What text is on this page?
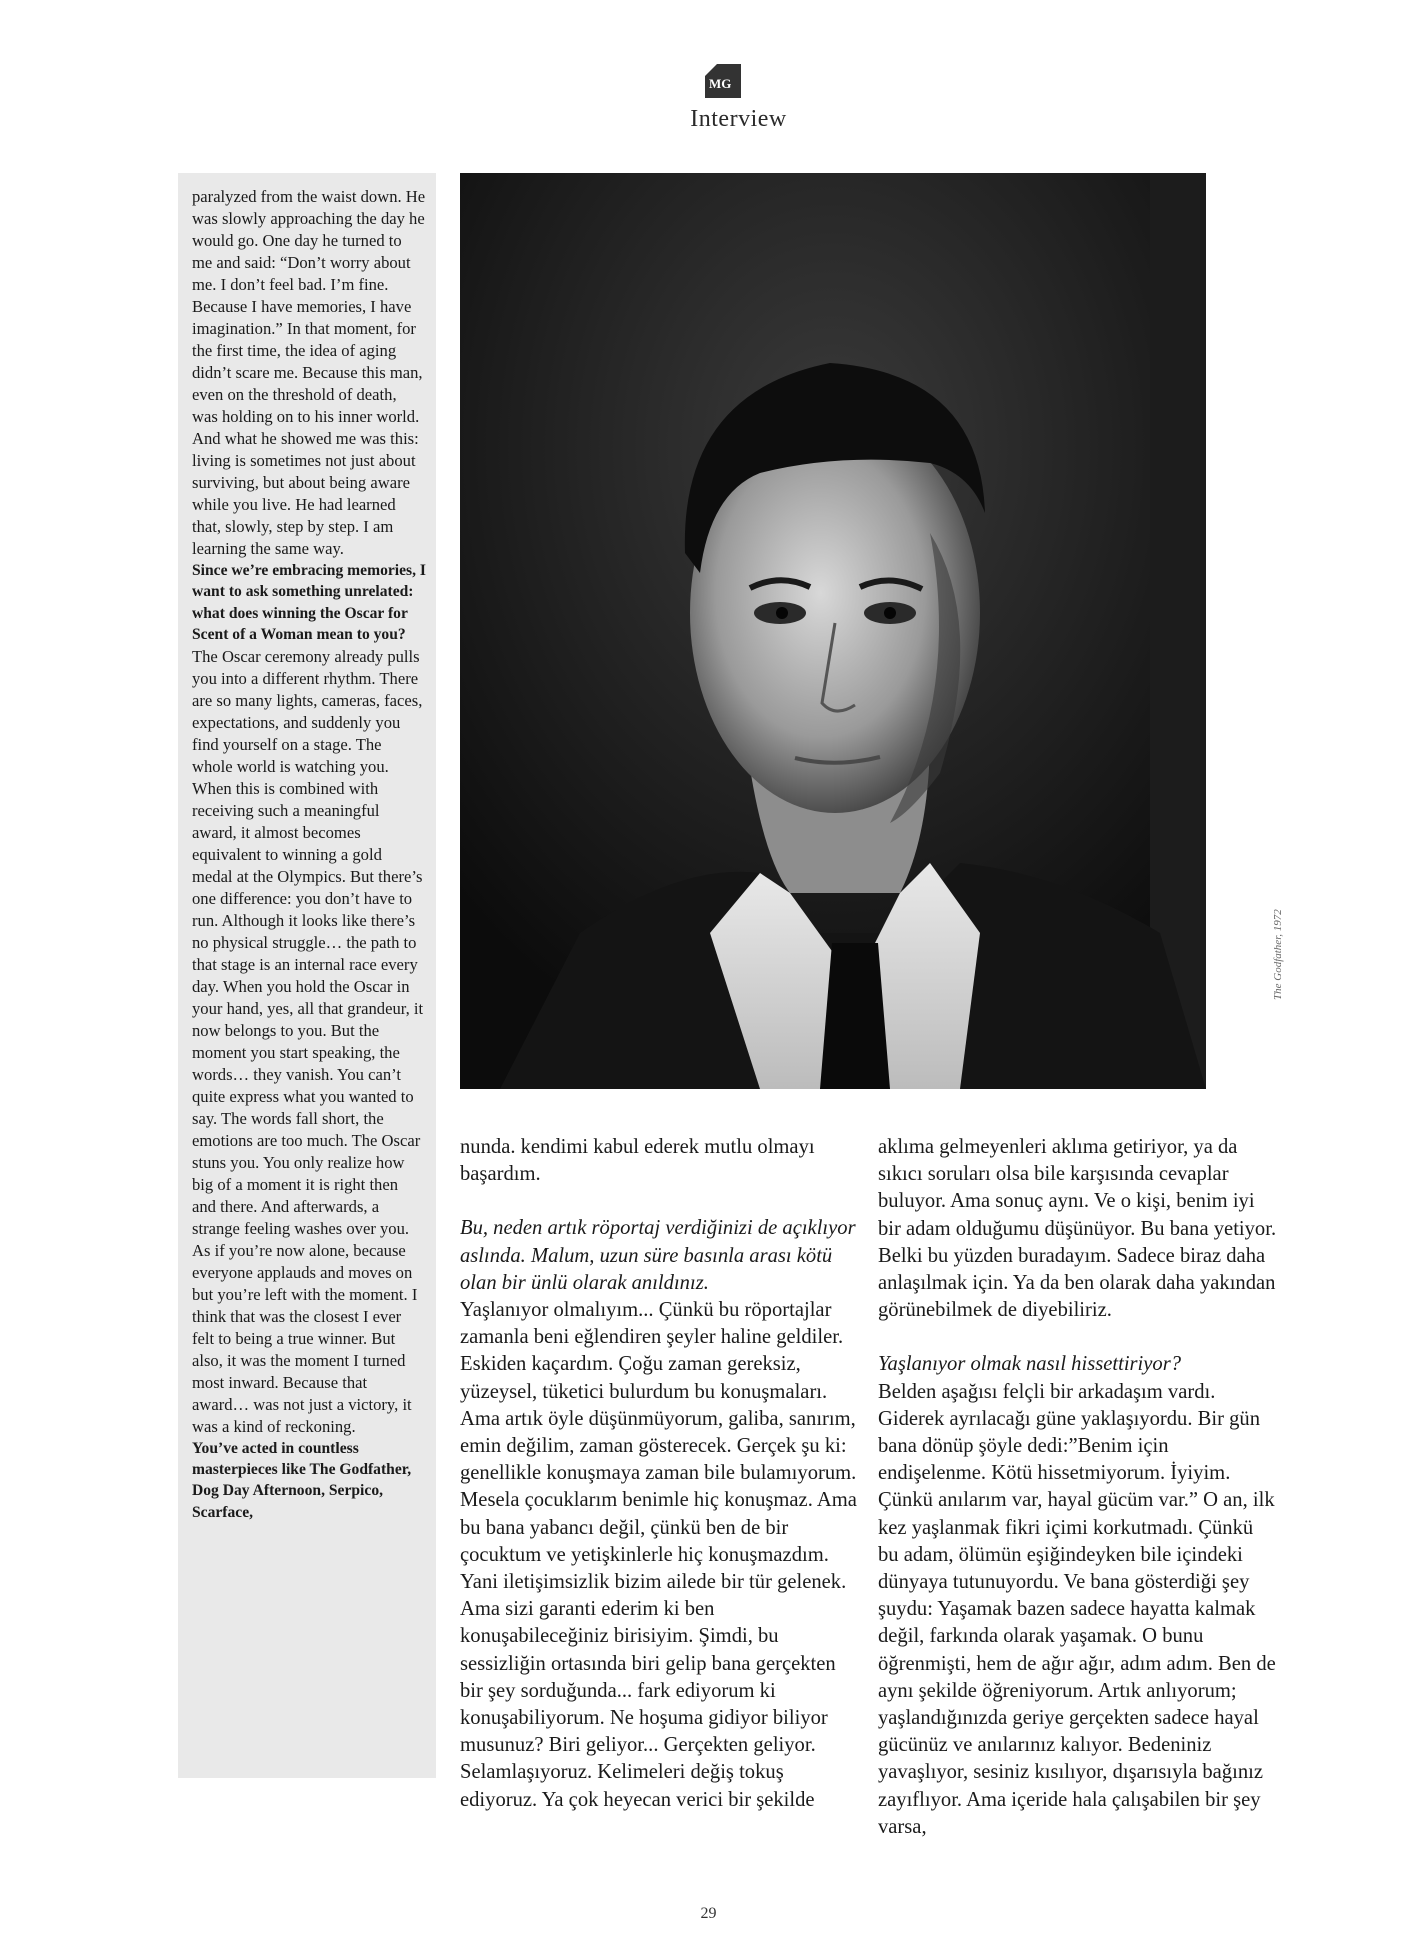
MG
Interview

paralyzed from the waist down. He was slowly approaching the day he would go. One day he turned to me and said: “Don’t worry about me. I don’t feel bad. I’m fine. Because I have memories, I have imagination.” In that moment, for the first time, the idea of aging didn’t scare me. Because this man, even on the threshold of death, was holding on to his inner world. And what he showed me was this: living is sometimes not just about surviving, but about being aware while you live. He had learned that, slowly, step by step. I am learning the same way.

Since we’re embracing memories, I want to ask something unrelated: what does winning the Oscar for Scent of a Woman mean to you?

The Oscar ceremony already pulls you into a different rhythm. There are so many lights, cameras, faces, expectations, and suddenly you find yourself on a stage. The whole world is watching you. When this is combined with receiving such a meaningful award, it almost becomes equivalent to winning a gold medal at the Olympics. But there’s one difference: you don’t have to run. Although it looks like there’s no physical struggle… the path to that stage is an internal race every day. When you hold the Oscar in your hand, yes, all that grandeur, it now belongs to you. But the moment you start speaking, the words… they vanish. You can’t quite express what you wanted to say. The words fall short, the emotions are too much. The Oscar stuns you. You only realize how big of a moment it is right then and there. And afterwards, a strange feeling washes over you. As if you’re now alone, because everyone applauds and moves on but you’re left with the moment. I think that was the closest I ever felt to being a true winner. But also, it was the moment I turned most inward. Because that award… was not just a victory, it was a kind of reckoning.

You’ve acted in countless masterpieces like The Godfather, Dog Day Afternoon, Serpico, Scarface,

The Godfather, 1972

nunda. kendimi kabul ederek mutlu olmayı başardım.

Bu, neden artık röportaj verdiğinizi de açıklıyor aslında. Malum, uzun süre basınla arası kötü olan bir ünlü olarak anıldınız.

Yaşlanıyor olmalıyım... Çünkü bu röportajlar zamanla beni eğlendiren şeyler haline geldiler. Eskiden kaçardım. Çoğu zaman gereksiz, yüzeysel, tüketici bulurdum bu konuşmaları. Ama artık öyle düşünmüyorum, galiba, sanırım, emin değilim, zaman gösterecek. Gerçek şu ki: genellikle konuşmaya zaman bile bulamıyorum. Mesela çocuklarım benimle hiç konuşmaz. Ama bu bana yabancı değil, çünkü ben de bir çocuktum ve yetişkinlerle hiç konuşmazdım. Yani iletişimsizlik bizim ailede bir tür gelenek. Ama sizi garanti ederim ki ben konuşabileceğiniz birisiyim. Şimdi, bu sessizliğin ortasında biri gelip bana gerçekten bir şey sorduğunda... fark ediyorum ki konuşabiliyorum. Ne hoşuma gidiyor biliyor musunuz? Biri geliyor... Gerçekten geliyor. Selamlaşıyoruz. Kelimeleri değiş tokuş ediyoruz. Ya çok heyecan verici bir şekilde

aklıma gelmeyenleri aklıma getiriyor, ya da sıkıcı soruları olsa bile karşısında cevaplar buluyor. Ama sonuç aynı. Ve o kişi, benim iyi bir adam olduğumu düşünüyor. Bu bana yetiyor. Belki bu yüzden buradayım. Sadece biraz daha anlaşılmak için. Ya da ben olarak daha yakından görünebilmek de diyebiliriz.

Yaşlanıyor olmak nasıl hissettiriyor?

Belden aşağısı felçli bir arkadaşım vardı. Giderek ayrılacağı güne yaklaşıyordu. Bir gün bana dönüp şöyle dedi:”Benim için endişelenme. Kötü hissetmiyorum. İyiyim. Çünkü anılarım var, hayal gücüm var.” O an, ilk kez yaşlanmak fikri içimi korkutmadı. Çünkü bu adam, ölümün eşiğindeyken bile içindeki dünyaya tutunuyordu. Ve bana gösterdiği şey şuydu: Yaşamak bazen sadece hayatta kalmak değil, farkında olarak yaşamak. O bunu öğrenmişti, hem de ağır ağır, adım adım. Ben de aynı şekilde öğreniyorum. Artık anlıyorum; yaşlandığınızda geriye gerçekten sadece hayal gücünüz ve anılarınız kalıyor. Bedeniniz yavaşlıyor, sesiniz kısılıyor, dışarısıyla bağınız zayıflıyor. Ama içeride hala çalışabilen bir şey varsa,

29
